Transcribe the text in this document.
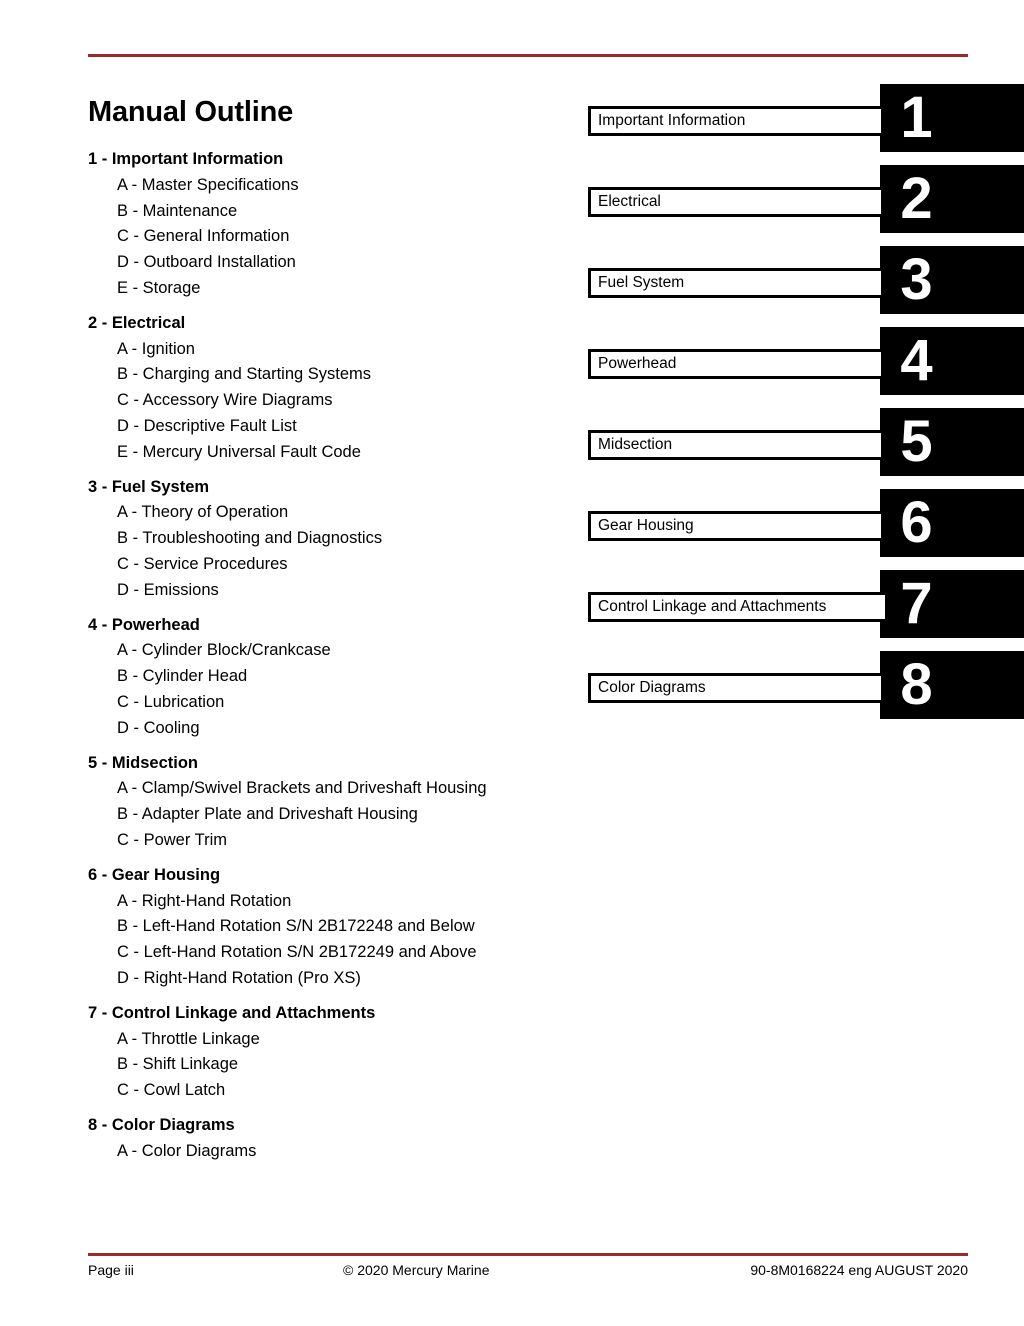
Manual Outline
1 - Important Information
A - Master Specifications
B - Maintenance
C - General Information
D - Outboard Installation
E - Storage
2 - Electrical
A - Ignition
B - Charging and Starting Systems
C - Accessory Wire Diagrams
D - Descriptive Fault List
E - Mercury Universal Fault Code
3 - Fuel System
A - Theory of Operation
B - Troubleshooting and Diagnostics
C - Service Procedures
D - Emissions
4 - Powerhead
A - Cylinder Block/Crankcase
B - Cylinder Head
C - Lubrication
D - Cooling
5 - Midsection
A - Clamp/Swivel Brackets and Driveshaft Housing
B - Adapter Plate and Driveshaft Housing
C - Power Trim
6 - Gear Housing
A - Right-Hand Rotation
B - Left-Hand Rotation S/N 2B172248 and Below
C - Left-Hand Rotation S/N 2B172249 and Above
D - Right-Hand Rotation (Pro XS)
7 - Control Linkage and Attachments
A - Throttle Linkage
B - Shift Linkage
C - Cowl Latch
8 - Color Diagrams
A - Color Diagrams
Important Information	1
Electrical	2
Fuel System	3
Powerhead	4
Midsection	5
Gear Housing	6
Control Linkage and Attachments	7
Color Diagrams	8
Page iii	© 2020 Mercury Marine	90-8M0168224 eng AUGUST 2020
